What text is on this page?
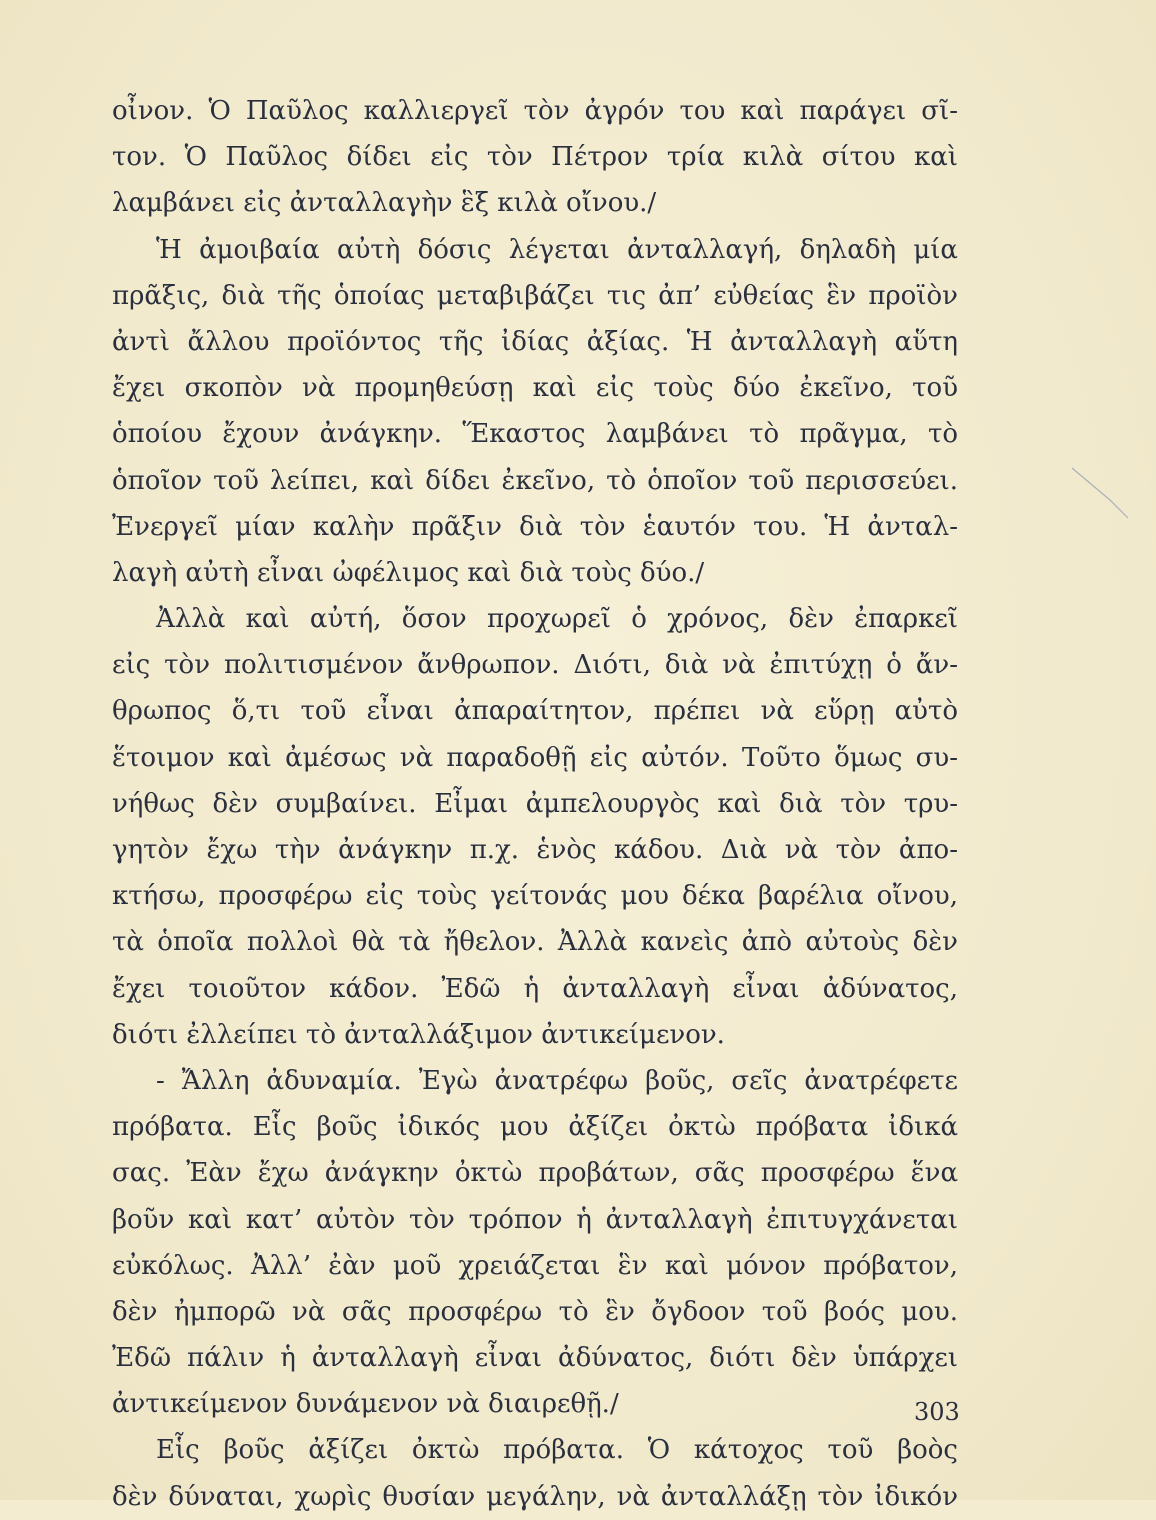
οἶνον. Ὁ Παῦλος καλλιεργεῖ τὸν ἀγρόν του καὶ παράγει σῖ-
τον. Ὁ Παῦλος δίδει εἰς τὸν Πέτρον τρία κιλὰ σίτου καὶ
λαμβάνει εἰς ἀνταλλαγὴν ἓξ κιλὰ οἴνου./
Ἡ ἀμοιβαία αὐτὴ δόσις λέγεται ἀνταλλαγή, δηλαδὴ μία
πρᾶξις, διὰ τῆς ὁποίας μεταβιβάζει τις ἀπ’ εὐθείας ἓν προϊὸν
ἀντὶ ἄλλου προϊόντος τῆς ἰδίας ἀξίας. Ἡ ἀνταλλαγὴ αὕτη
ἔχει σκοπὸν νὰ προμηθεύσῃ καὶ εἰς τοὺς δύο ἐκεῖνο, τοῦ
ὁποίου ἔχουν ἀνάγκην. Ἕκαστος λαμβάνει τὸ πρᾶγμα, τὸ
ὁποῖον τοῦ λείπει, καὶ δίδει ἐκεῖνο, τὸ ὁποῖον τοῦ περισσεύει.
Ἐνεργεῖ μίαν καλὴν πρᾶξιν διὰ τὸν ἑαυτόν του. Ἡ ἀνταλ-
λαγὴ αὐτὴ εἶναι ὠφέλιμος καὶ διὰ τοὺς δύο./
Ἀλλὰ καὶ αὐτή, ὅσον προχωρεῖ ὁ χρόνος, δὲν ἐπαρκεῖ
εἰς τὸν πολιτισμένον ἄνθρωπον. Διότι, διὰ νὰ ἐπιτύχῃ ὁ ἄν-
θρωπος ὅ,τι τοῦ εἶναι ἀπαραίτητον, πρέπει νὰ εὕρῃ αὐτὸ
ἕτοιμον καὶ ἀμέσως νὰ παραδοθῇ εἰς αὐτόν. Τοῦτο ὅμως συ-
νήθως δὲν συμβαίνει. Εἶμαι ἀμπελουργὸς καὶ διὰ τὸν τρυ-
γητὸν ἔχω τὴν ἀνάγκην π.χ. ἑνὸς κάδου. Διὰ νὰ τὸν ἀπο-
κτήσω, προσφέρω εἰς τοὺς γείτονάς μου δέκα βαρέλια οἴνου,
τὰ ὁποῖα πολλοὶ θὰ τὰ ἤθελον. Ἀλλὰ κανεὶς ἀπὸ αὐτοὺς δὲν
ἔχει τοιοῦτον κάδον. Ἐδῶ ἡ ἀνταλλαγὴ εἶναι ἀδύνατος,
διότι ἐλλείπει τὸ ἀνταλλάξιμον ἀντικείμενον.
- Ἄλλη ἀδυναμία. Ἐγὼ ἀνατρέφω βοῦς, σεῖς ἀνατρέφετε
πρόβατα. Εἷς βοῦς ἰδικός μου ἀξίζει ὀκτὼ πρόβατα ἰδικά
σας. Ἐὰν ἔχω ἀνάγκην ὀκτὼ προβάτων, σᾶς προσφέρω ἕνα
βοῦν καὶ κατ’ αὐτὸν τὸν τρόπον ἡ ἀνταλλαγὴ ἐπιτυγχάνεται
εὐκόλως. Ἀλλ’ ἐὰν μοῦ χρειάζεται ἓν καὶ μόνον πρόβατον,
δὲν ἠμπορῶ νὰ σᾶς προσφέρω τὸ ἓν ὄγδοον τοῦ βοός μου.
Ἐδῶ πάλιν ἡ ἀνταλλαγὴ εἶναι ἀδύνατος, διότι δὲν ὑπάρχει
ἀντικείμενον δυνάμενον νὰ διαιρεθῇ./
Εἷς βοῦς ἀξίζει ὀκτὼ πρόβατα. Ὁ κάτοχος τοῦ βοὸς
δὲν δύναται, χωρὶς θυσίαν μεγάλην, νὰ ἀνταλλάξῃ τὸν ἰδικόν
303
